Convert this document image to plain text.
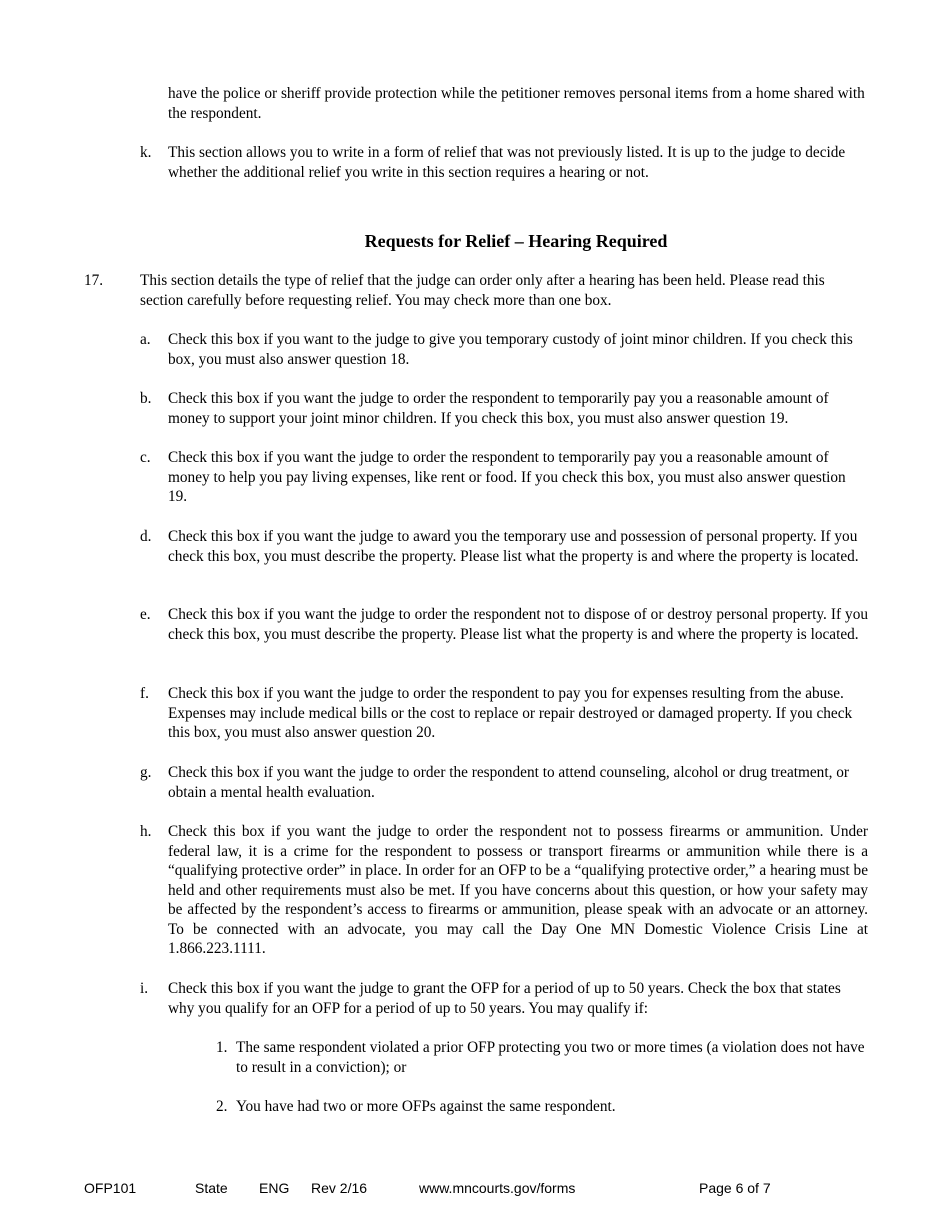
have the police or sheriff provide protection while the petitioner removes personal items from a home shared with the respondent.
k. This section allows you to write in a form of relief that was not previously listed. It is up to the judge to decide whether the additional relief you write in this section requires a hearing or not.
Requests for Relief – Hearing Required
17. This section details the type of relief that the judge can order only after a hearing has been held. Please read this section carefully before requesting relief. You may check more than one box.
a. Check this box if you want to the judge to give you temporary custody of joint minor children. If you check this box, you must also answer question 18.
b. Check this box if you want the judge to order the respondent to temporarily pay you a reasonable amount of money to support your joint minor children. If you check this box, you must also answer question 19.
c. Check this box if you want the judge to order the respondent to temporarily pay you a reasonable amount of money to help you pay living expenses, like rent or food. If you check this box, you must also answer question 19.
d. Check this box if you want the judge to award you the temporary use and possession of personal property. If you check this box, you must describe the property. Please list what the property is and where the property is located.
e. Check this box if you want the judge to order the respondent not to dispose of or destroy personal property. If you check this box, you must describe the property. Please list what the property is and where the property is located.
f. Check this box if you want the judge to order the respondent to pay you for expenses resulting from the abuse. Expenses may include medical bills or the cost to replace or repair destroyed or damaged property. If you check this box, you must also answer question 20.
g. Check this box if you want the judge to order the respondent to attend counseling, alcohol or drug treatment, or obtain a mental health evaluation.
h. Check this box if you want the judge to order the respondent not to possess firearms or ammunition. Under federal law, it is a crime for the respondent to possess or transport firearms or ammunition while there is a “qualifying protective order” in place. In order for an OFP to be a “qualifying protective order,” a hearing must be held and other requirements must also be met. If you have concerns about this question, or how your safety may be affected by the respondent’s access to firearms or ammunition, please speak with an advocate or an attorney. To be connected with an advocate, you may call the Day One MN Domestic Violence Crisis Line at 1.866.223.1111.
i. Check this box if you want the judge to grant the OFP for a period of up to 50 years. Check the box that states why you qualify for an OFP for a period of up to 50 years. You may qualify if:
1. The same respondent violated a prior OFP protecting you two or more times (a violation does not have to result in a conviction); or
2. You have had two or more OFPs against the same respondent.
OFP101	State ENG Rev 2/16	www.mncourts.gov/forms	Page 6 of 7
